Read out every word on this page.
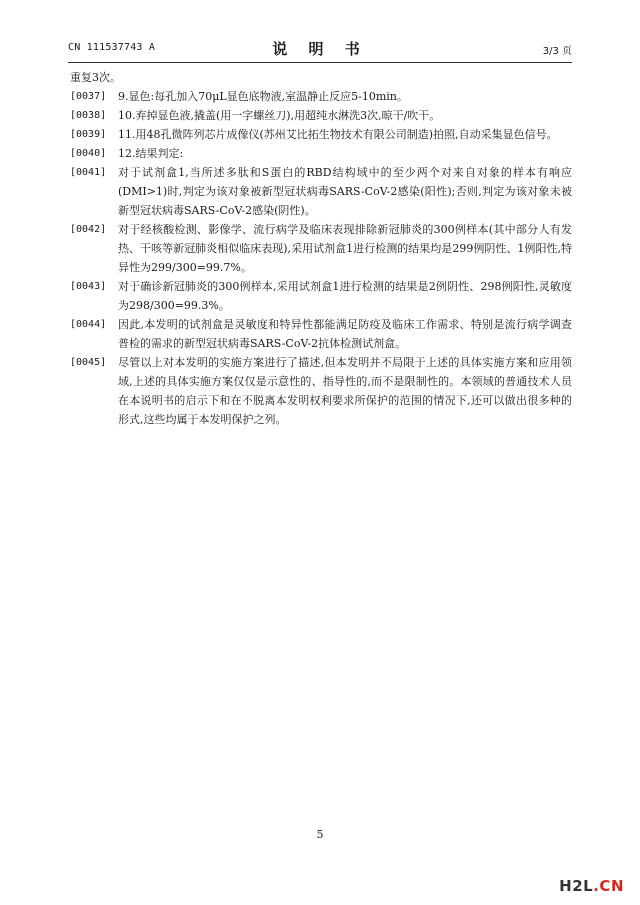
CN 111537743 A	说 明 书	3/3 页

重复3次。

[0037]	9.显色:每孔加入70μL显色底物液,室温静止反应5-10min。
[0038]	10.弃掉显色液,撬盖(用一字螺丝刀),用超纯水淋洗3次,晾干/吹干。
[0039]	11.用48孔微阵列芯片成像仪(苏州艾比拓生物技术有限公司制造)拍照,自动采集显色信号。
[0040]	12.结果判定:
[0041]	对于试剂盒1,当所述多肽和S蛋白的RBD结构域中的至少两个对来自对象的样本有响应(DMI>1)时,判定为该对象被新型冠状病毒SARS-CoV-2感染(阳性);否则,判定为该对象未被新型冠状病毒SARS-CoV-2感染(阴性)。
[0042]	对于经核酸检测、影像学、流行病学及临床表现排除新冠肺炎的300例样本(其中部分人有发热、干咳等新冠肺炎相似临床表现),采用试剂盒1进行检测的结果均是299例阴性、1例阳性,特异性为299/300=99.7%。
[0043]	对于确诊新冠肺炎的300例样本,采用试剂盒1进行检测的结果是2例阴性、298例阳性,灵敏度为298/300=99.3%。
[0044]	因此,本发明的试剂盒是灵敏度和特异性都能满足防疫及临床工作需求、特别是流行病学调查普检的需求的新型冠状病毒SARS-CoV-2抗体检测试剂盒。
[0045]	尽管以上对本发明的实施方案进行了描述,但本发明并不局限于上述的具体实施方案和应用领域,上述的具体实施方案仅仅是示意性的、指导性的,而不是限制性的。本领域的普通技术人员在本说明书的启示下和在不脱离本发明权利要求所保护的范围的情况下,还可以做出很多种的形式,这些均属于本发明保护之列。
5
H2L.CN
